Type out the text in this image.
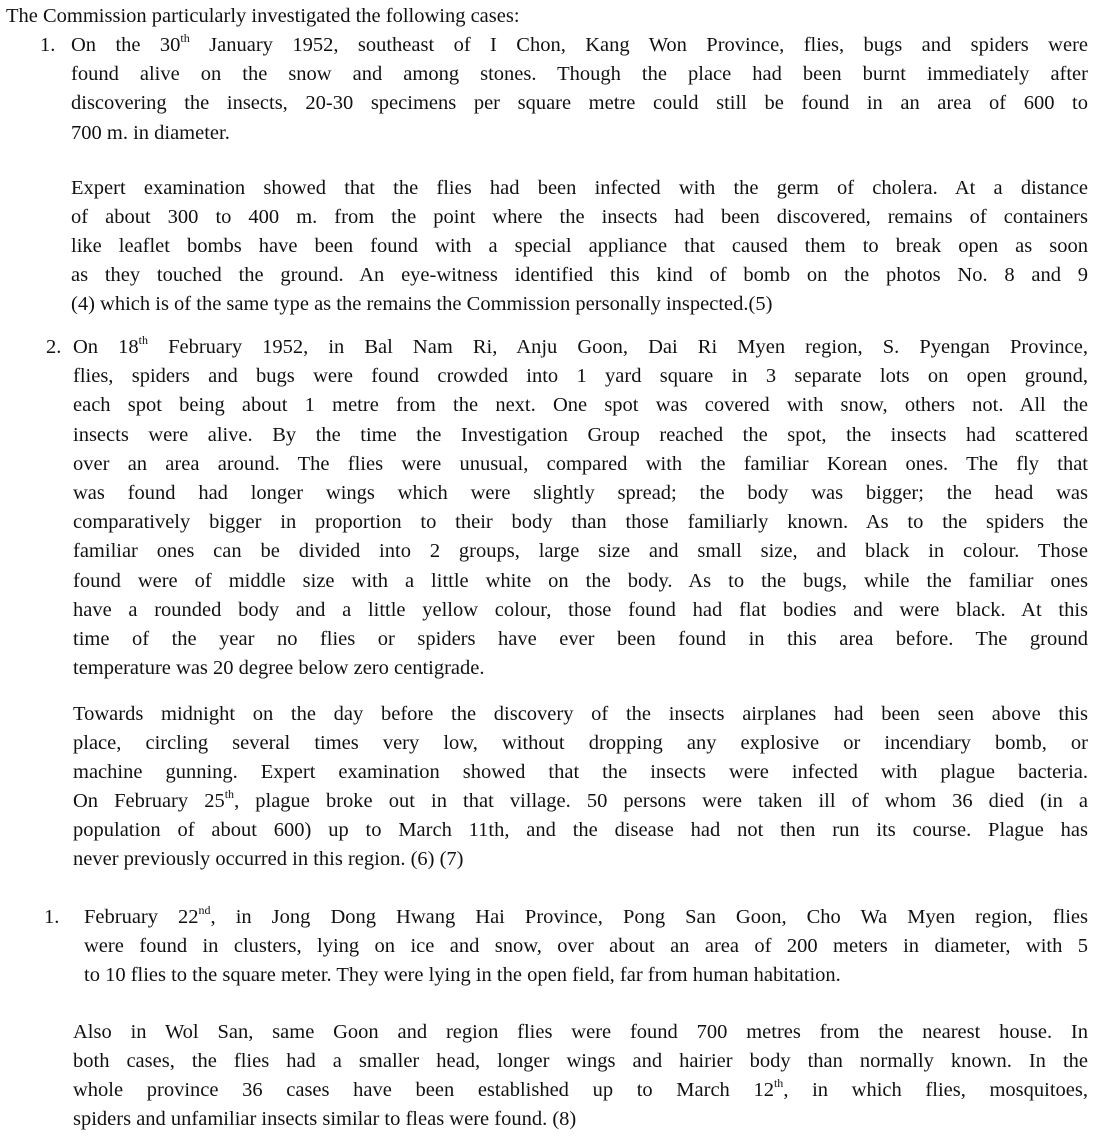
The Commission particularly investigated the following cases:
1. On the 30th January 1952, southeast of I Chon, Kang Won Province, flies, bugs and spiders were
found alive on the snow and among stones. Though the place had been burnt immediately after
discovering the insects, 20-30 specimens per square metre could still be found in an area of 600 to
700 m. in diameter.
Expert examination showed that the flies had been infected with the germ of cholera. At a distance
of about 300 to 400 m. from the point where the insects had been discovered, remains of containers
like leaflet bombs have been found with a special appliance that caused them to break open as soon
as they touched the ground. An eye-witness identified this kind of bomb on the photos No. 8 and 9
(4) which is of the same type as the remains the Commission personally inspected.(5)
2. On 18th February 1952, in Bal Nam Ri, Anju Goon, Dai Ri Myen region, S. Pyengan Province,
flies, spiders and bugs were found crowded into 1 yard square in 3 separate lots on open ground,
each spot being about 1 metre from the next. One spot was covered with snow, others not. All the
insects were alive. By the time the Investigation Group reached the spot, the insects had scattered
over an area around. The flies were unusual, compared with the familiar Korean ones. The fly that
was found had longer wings which were slightly spread; the body was bigger; the head was
comparatively bigger in proportion to their body than those familiarly known. As to the spiders the
familiar ones can be divided into 2 groups, large size and small size, and black in colour. Those
found were of middle size with a little white on the body. As to the bugs, while the familiar ones
have a rounded body and a little yellow colour, those found had flat bodies and were black. At this
time of the year no flies or spiders have ever been found in this area before. The ground
temperature was 20 degree below zero centigrade.
Towards midnight on the day before the discovery of the insects airplanes had been seen above this
place, circling several times very low, without dropping any explosive or incendiary bomb, or
machine gunning. Expert examination showed that the insects were infected with plague bacteria.
On February 25th, plague broke out in that village. 50 persons were taken ill of whom 36 died (in a
population of about 600) up to March 11th, and the disease had not then run its course. Plague has
never previously occurred in this region. (6) (7)
1. February 22nd, in Jong Dong Hwang Hai Province, Pong San Goon, Cho Wa Myen region, flies
were found in clusters, lying on ice and snow, over about an area of 200 meters in diameter, with 5
to 10 flies to the square meter. They were lying in the open field, far from human habitation.
Also in Wol San, same Goon and region flies were found 700 metres from the nearest house. In
both cases, the flies had a smaller head, longer wings and hairier body than normally known. In the
whole province 36 cases have been established up to March 12th, in which flies, mosquitoes,
spiders and unfamiliar insects similar to fleas were found. (8)
